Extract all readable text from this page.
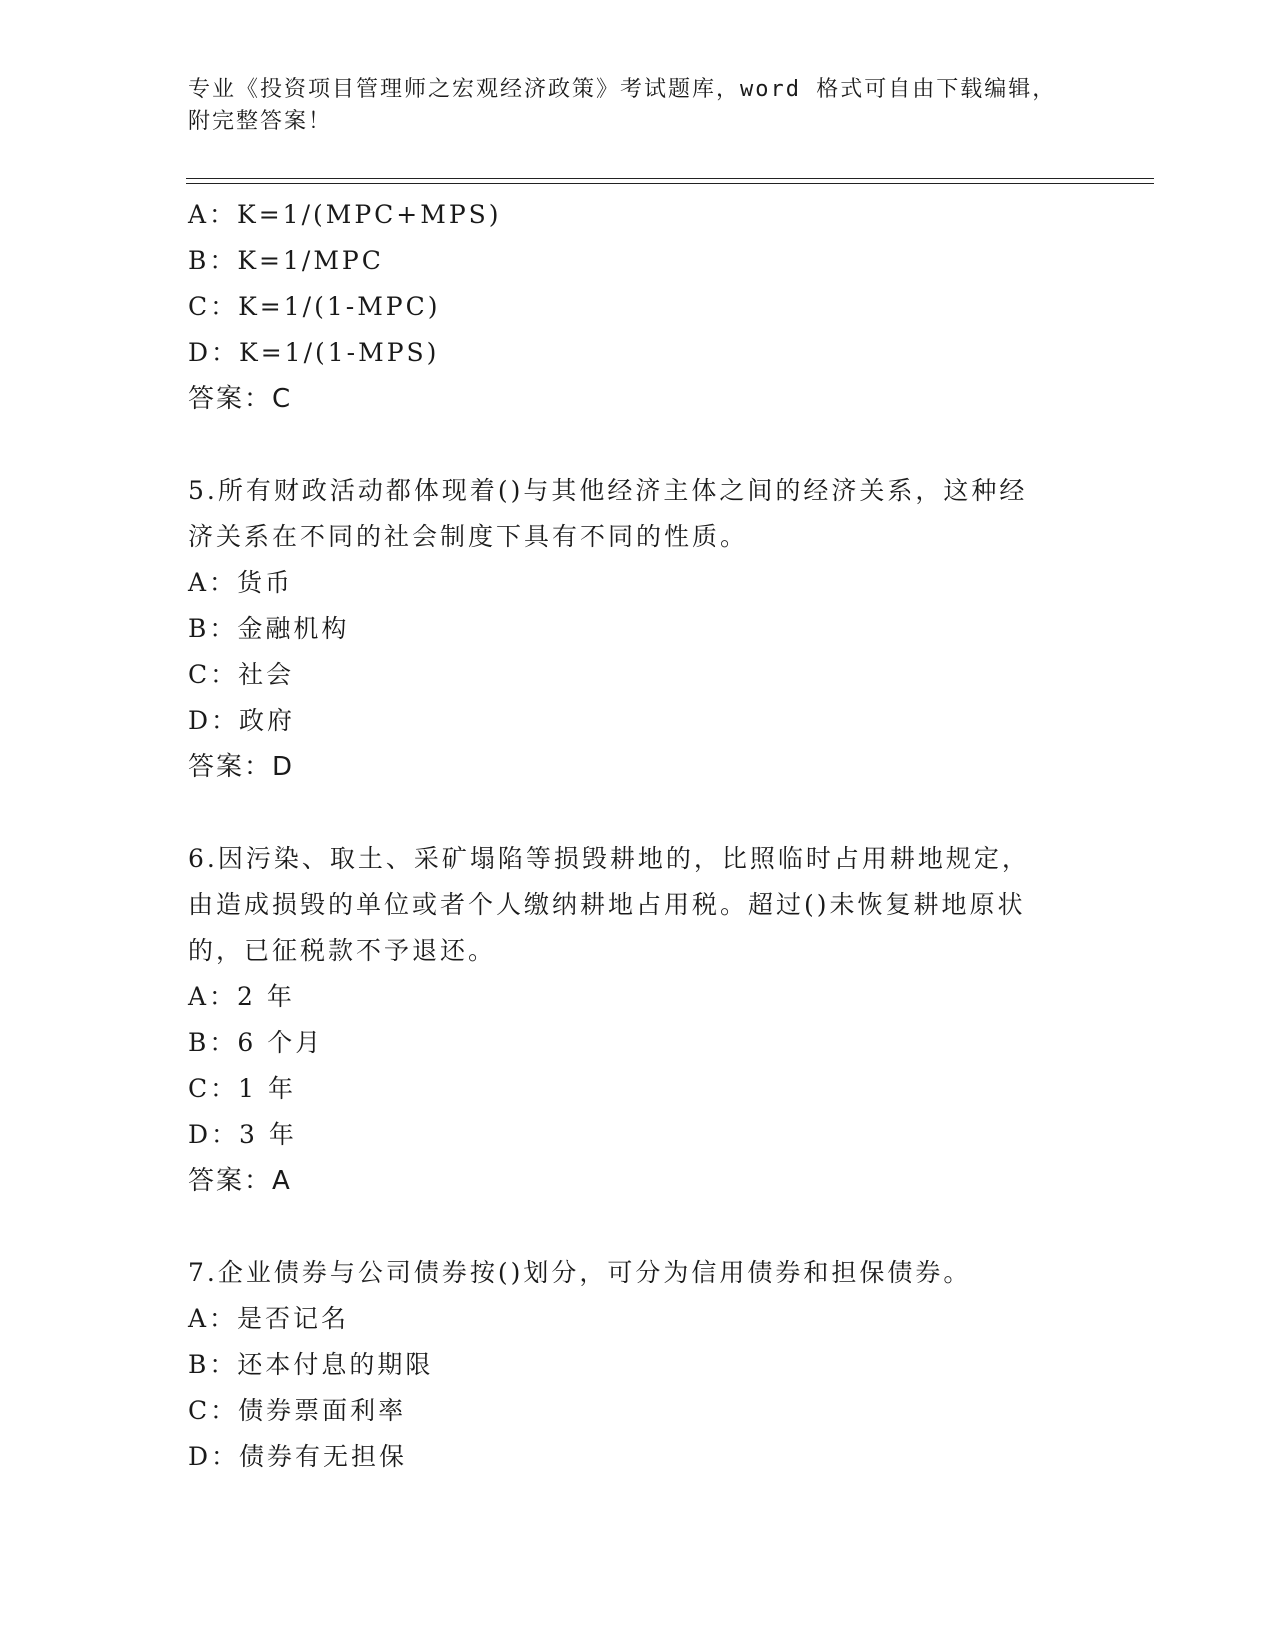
专业《投资项目管理师之宏观经济政策》考试题库，word 格式可自由下载编辑，
附完整答案！
A：K=1/(MPC+MPS)
B：K=1/MPC
C：K=1/(1-MPC)
D：K=1/(1-MPS)
答案：C
5.所有财政活动都体现着()与其他经济主体之间的经济关系，这种经
济关系在不同的社会制度下具有不同的性质。
A：货币
B：金融机构
C：社会
D：政府
答案：D
6.因污染、取土、采矿塌陷等损毁耕地的，比照临时占用耕地规定，
由造成损毁的单位或者个人缴纳耕地占用税。超过()未恢复耕地原状
的，已征税款不予退还。
A：2 年
B：6 个月
C：1 年
D：3 年
答案：A
7.企业债券与公司债券按()划分，可分为信用债券和担保债券。
A：是否记名
B：还本付息的期限
C：债券票面利率
D：债券有无担保
